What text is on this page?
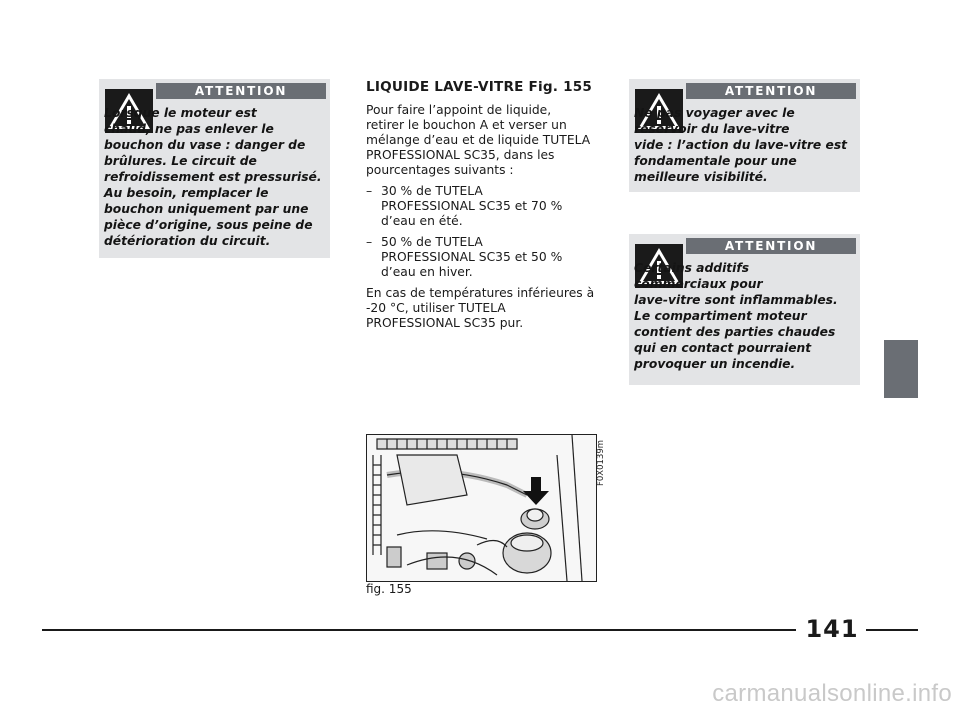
ATTENTION
Lorsque le moteur est
chaud, ne pas enlever le
bouchon du vase : danger de
brûlures. Le circuit de
refroidissement est pressurisé.
Au besoin, remplacer le
bouchon uniquement par une
pièce d’origine, sous peine de
détérioration du circuit.
LIQUIDE LAVE-VITRE Fig. 155

Pour faire l’appoint de liquide,
retirer le bouchon A et verser un
mélange d’eau et de liquide TUTELA
PROFESSIONAL SC35, dans les
pourcentages suivants :

– 30 % de TUTELA
PROFESSIONAL SC35 et 70 %
d’eau en été.
– 50 % de TUTELA
PROFESSIONAL SC35 et 50 %
d’eau en hiver.

En cas de températures inférieures à
-20 °C, utiliser TUTELA
PROFESSIONAL SC35 pur.

ATTENTION
Ne pas voyager avec le
réservoir du lave-vitre
vide : l’action du lave-vitre est
fondamentale pour une
meilleure visibilité.
ATTENTION
Certains additifs
commerciaux pour
lave-vitre sont inflammables.
Le compartiment moteur
contient des parties chaudes
qui en contact pourraient
provoquer un incendie.
F0X0139m
fig. 155
141
carmanualsonline.info
